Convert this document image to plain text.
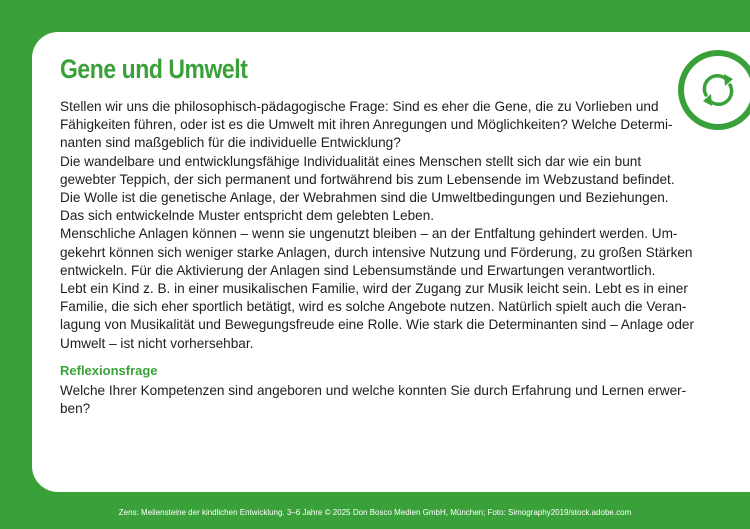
Gene und Umwelt

Stellen wir uns die philosophisch-pädagogische Frage: Sind es eher die Gene, die zu Vorlieben und
Fähigkeiten führen, oder ist es die Umwelt mit ihren Anregungen und Möglichkeiten? Welche Determi-
nanten sind maßgeblich für die individuelle Entwicklung?

Die wandelbare und entwicklungsfähige Individualität eines Menschen stellt sich dar wie ein bunt
gewebter Teppich, der sich permanent und fortwährend bis zum Lebensende im Webzustand befindet.
Die Wolle ist die genetische Anlage, der Webrahmen sind die Umweltbedingungen und Beziehungen.
Das sich entwickelnde Muster entspricht dem gelebten Leben.

Menschliche Anlagen können – wenn sie ungenutzt bleiben – an der Entfaltung gehindert werden. Um-
gekehrt können sich weniger starke Anlagen, durch intensive Nutzung und Förderung, zu großen Stärken
entwickeln. Für die Aktivierung der Anlagen sind Lebensumstände und Erwartungen verantwortlich.

Lebt ein Kind z. B. in einer musikalischen Familie, wird der Zugang zur Musik leicht sein. Lebt es in einer
Familie, die sich eher sportlich betätigt, wird es solche Angebote nutzen. Natürlich spielt auch die Veran-
lagung von Musikalität und Bewegungsfreude eine Rolle. Wie stark die Determinanten sind – Anlage oder
Umwelt – ist nicht vorhersehbar.

Reflexionsfrage
Welche Ihrer Kompetenzen sind angeboren und welche konnten Sie durch Erfahrung und Lernen erwer-
ben?
Zens: Meilensteine der kindlichen Entwicklung. 3–6 Jahre © 2025 Don Bosco Medien GmbH, München; Foto: Simography2019/stock.adobe.com
